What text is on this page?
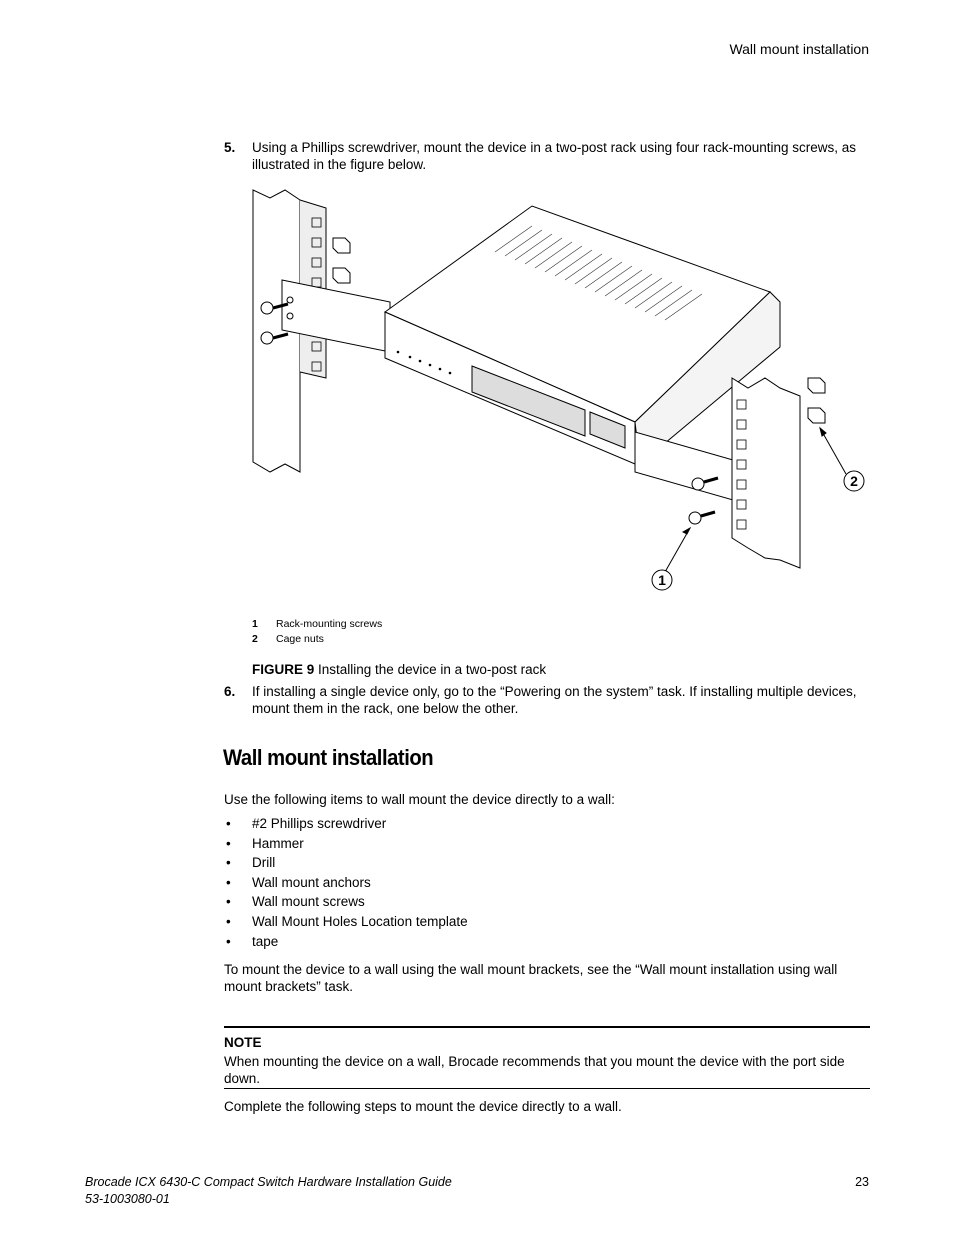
Wall mount installation
5. Using a Phillips screwdriver, mount the device in a two-post rack using four rack-mounting screws, as illustrated in the figure below.
1
2
1 Rack-mounting screws
2 Cage nuts
FIGURE 9 Installing the device in a two-post rack
6. If installing a single device only, go to the “Powering on the system” task. If installing multiple devices, mount them in the rack, one below the other.
Wall mount installation
Use the following items to wall mount the device directly to a wall:
• #2 Phillips screwdriver
• Hammer
• Drill
• Wall mount anchors
• Wall mount screws
• Wall Mount Holes Location template
• tape
To mount the device to a wall using the wall mount brackets, see the “Wall mount installation using wall mount brackets” task.
NOTE
When mounting the device on a wall, Brocade recommends that you mount the device with the port side down.
Complete the following steps to mount the device directly to a wall.
Brocade ICX 6430-C Compact Switch Hardware Installation Guide
53-1003080-01
23
